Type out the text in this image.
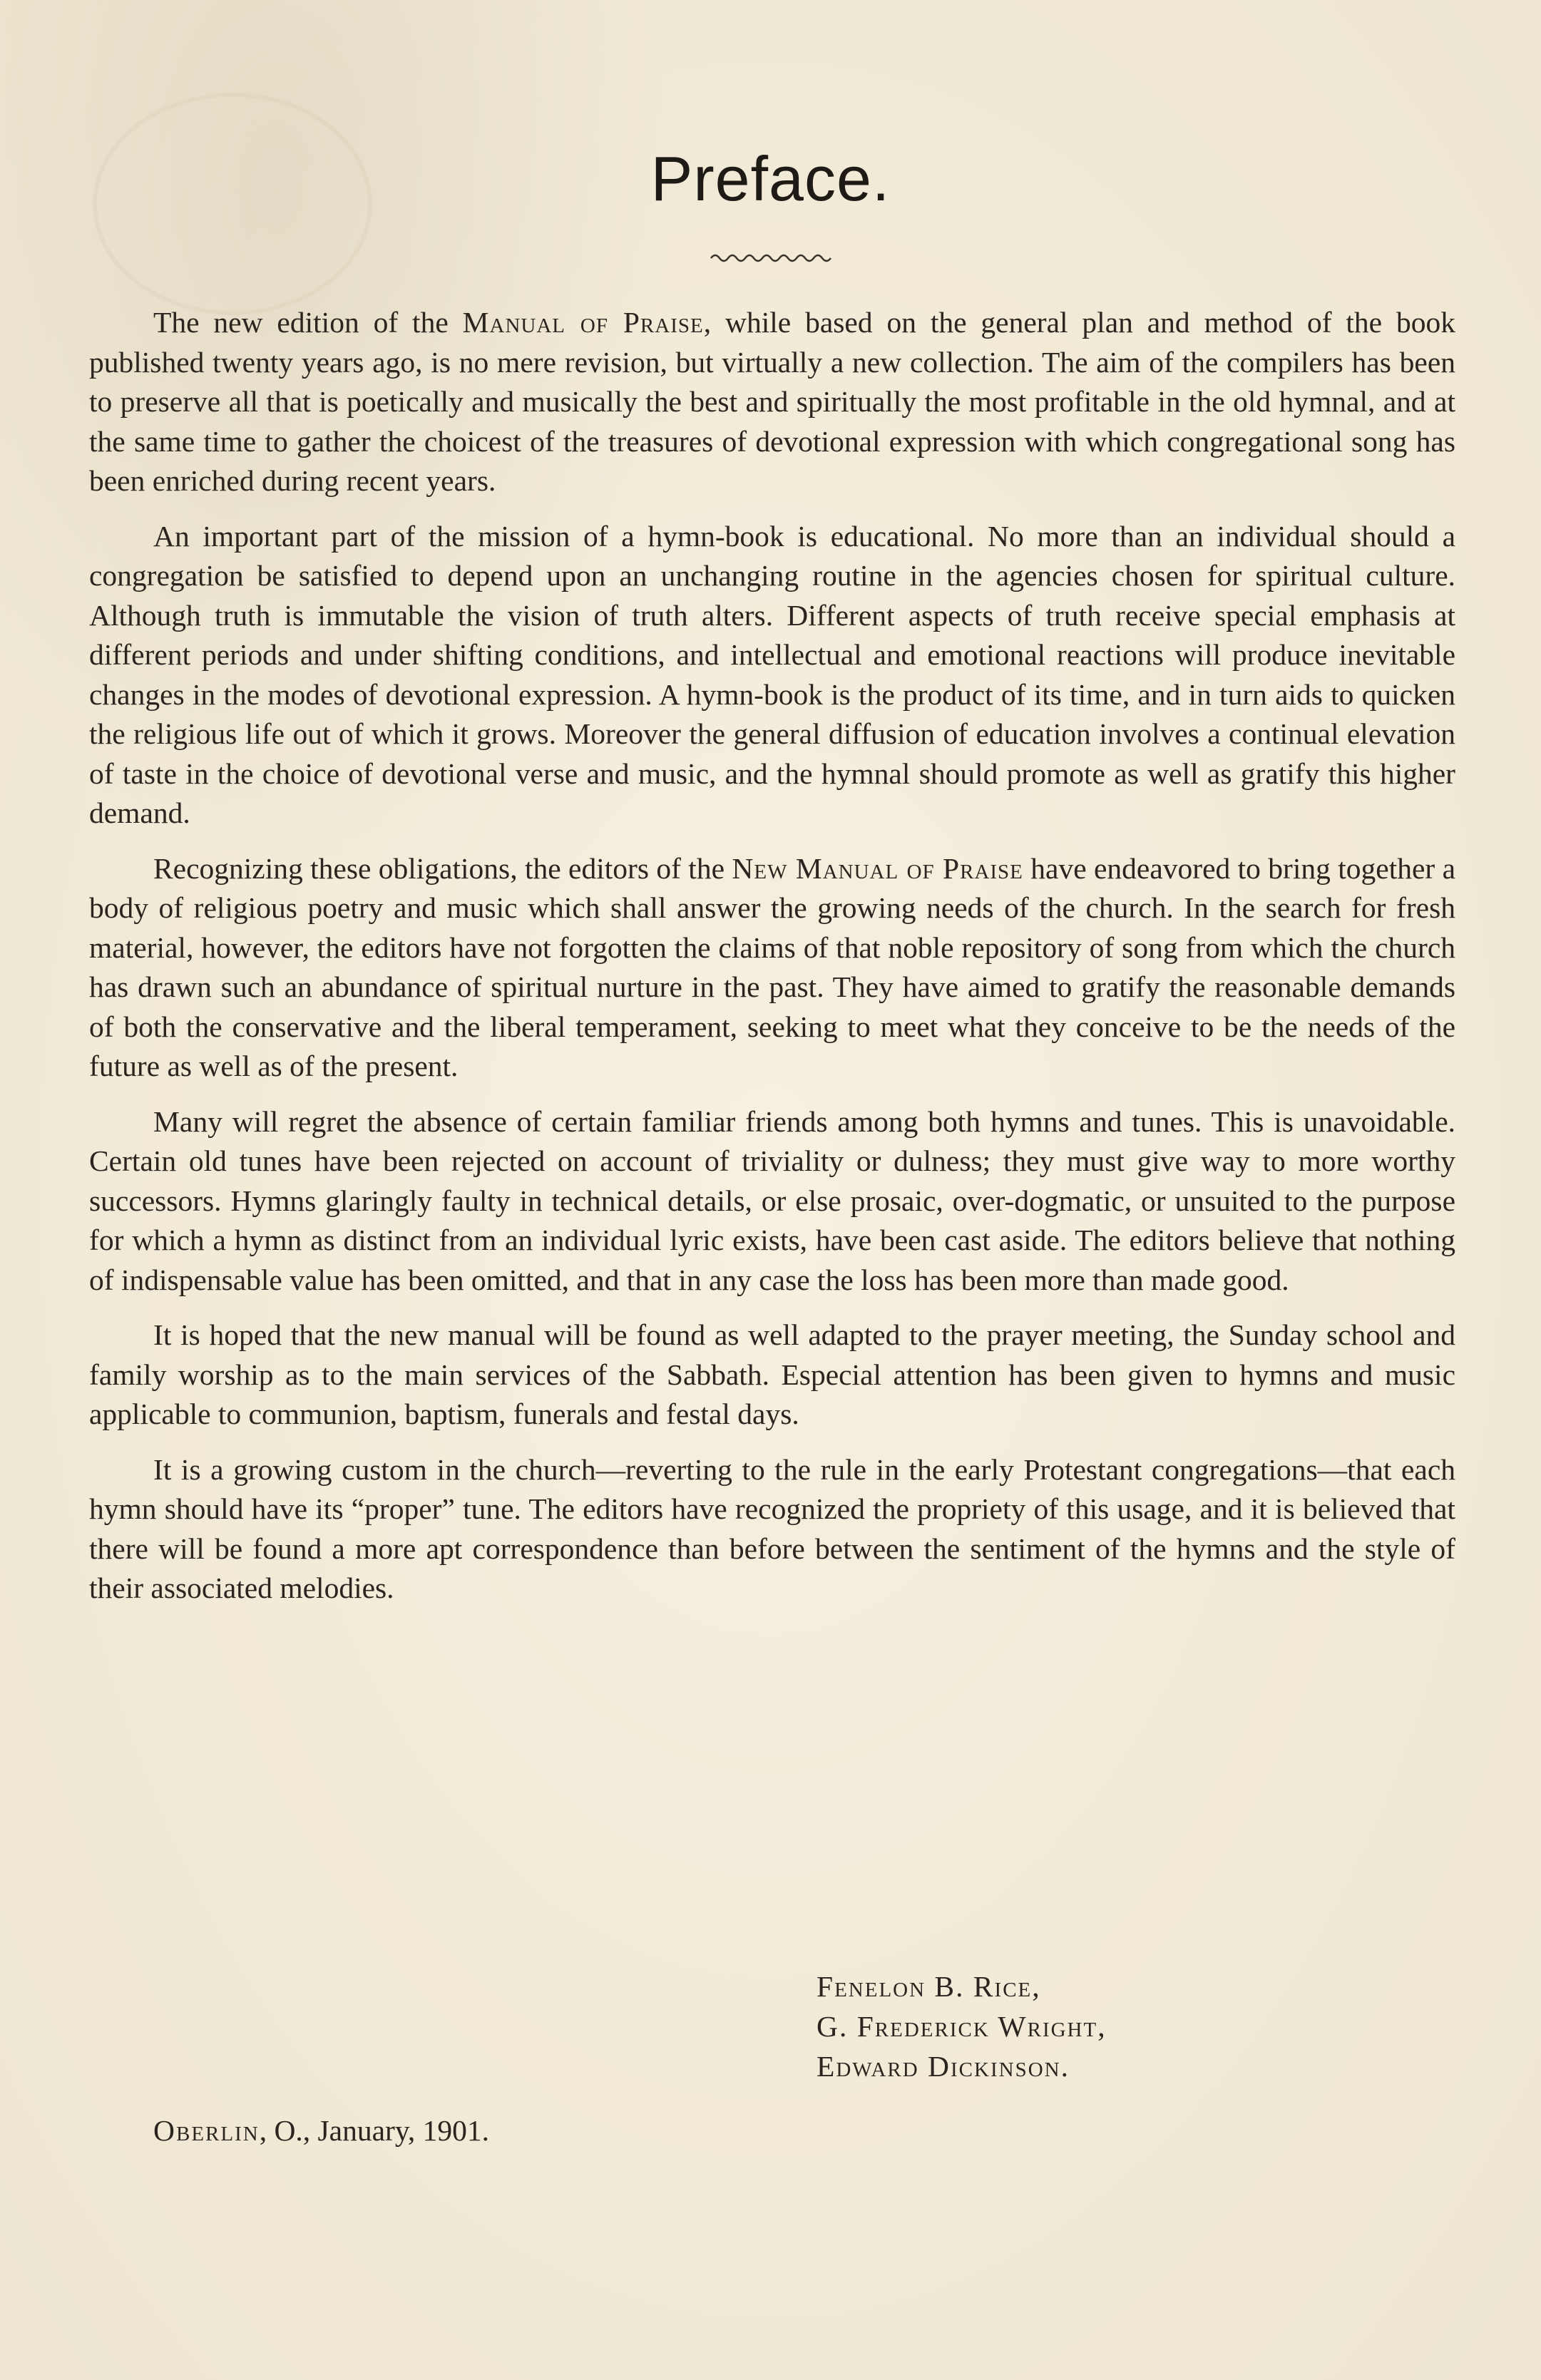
Preface.

The new edition of the Manual of Praise, while based on the general plan and method of the book published twenty years ago, is no mere revision, but virtually a new collection. The aim of the compilers has been to preserve all that is poetically and musically the best and spiritually the most profitable in the old hymnal, and at the same time to gather the choicest of the treasures of devotional expression with which congregational song has been enriched during recent years.

An important part of the mission of a hymn-book is educational. No more than an individual should a congregation be satisfied to depend upon an unchanging routine in the agencies chosen for spiritual culture. Although truth is immutable the vision of truth alters. Different aspects of truth receive special emphasis at different periods and under shifting conditions, and intellectual and emotional reactions will produce inevitable changes in the modes of devotional expression. A hymn-book is the product of its time, and in turn aids to quicken the religious life out of which it grows. Moreover the general diffusion of education involves a continual elevation of taste in the choice of devotional verse and music, and the hymnal should promote as well as gratify this higher demand.

Recognizing these obligations, the editors of the New Manual of Praise have endeavored to bring together a body of religious poetry and music which shall answer the growing needs of the church. In the search for fresh material, however, the editors have not forgotten the claims of that noble repository of song from which the church has drawn such an abundance of spiritual nurture in the past. They have aimed to gratify the reasonable demands of both the conservative and the liberal temperament, seeking to meet what they conceive to be the needs of the future as well as of the present.

Many will regret the absence of certain familiar friends among both hymns and tunes. This is unavoidable. Certain old tunes have been rejected on account of triviality or dulness; they must give way to more worthy successors. Hymns glaringly faulty in technical details, or else prosaic, over-dogmatic, or unsuited to the purpose for which a hymn as distinct from an individual lyric exists, have been cast aside. The editors believe that nothing of indispensable value has been omitted, and that in any case the loss has been more than made good.

It is hoped that the new manual will be found as well adapted to the prayer meeting, the Sunday school and family worship as to the main services of the Sabbath. Especial attention has been given to hymns and music applicable to communion, baptism, funerals and festal days.

It is a growing custom in the church—reverting to the rule in the early Protestant congregations—that each hymn should have its “proper” tune. The editors have recognized the propriety of this usage, and it is believed that there will be found a more apt correspondence than before between the sentiment of the hymns and the style of their associated melodies.

Fenelon B. Rice,
G. Frederick Wright,
Edward Dickinson.
Oberlin, O., January, 1901.
